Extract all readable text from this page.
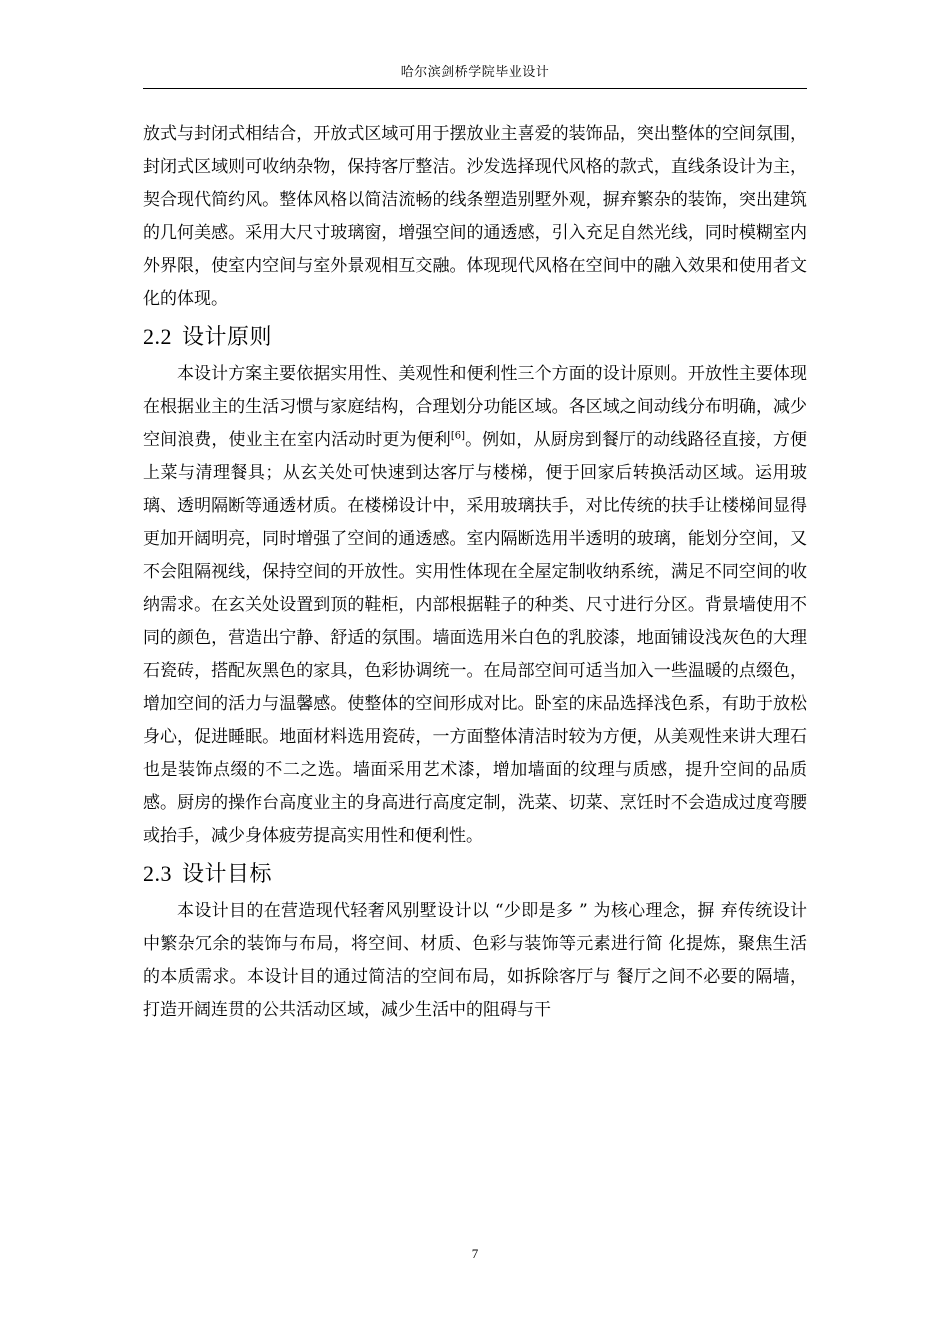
哈尔滨剑桥学院毕业设计

放式与封闭式相结合，开放式区域可用于摆放业主喜爱的装饰品，突出整体的空间氛围，封闭式区域则可收纳杂物，保持客厅整洁。沙发选择现代风格的款式，直线条设计为主，契合现代简约风。整体风格以简洁流畅的线条塑造别墅外观，摒弃繁杂的装饰，突出建筑的几何美感。采用大尺寸玻璃窗，增强空间的通透感，引入充足自然光线，同时模糊室内外界限，使室内空间与室外景观相互交融。体现现代风格在空间中的融入效果和使用者文化的体现。

2.2 设计原则

本设计方案主要依据实用性、美观性和便利性三个方面的设计原则。开放性主要体现在根据业主的生活习惯与家庭结构，合理划分功能区域。各区域之间动线分布明确，减少空间浪费，使业主在室内活动时更为便利[6]。例如，从厨房到餐厅的动线路径直接，方便上菜与清理餐具；从玄关处可快速到达客厅与楼梯，便于回家后转换活动区域。运用玻璃、透明隔断等通透材质。在楼梯设计中，采用玻璃扶手，对比传统的扶手让楼梯间显得更加开阔明亮，同时增强了空间的通透感。室内隔断选用半透明的玻璃，能划分空间，又不会阻隔视线，保持空间的开放性。实用性体现在全屋定制收纳系统，满足不同空间的收纳需求。在玄关处设置到顶的鞋柜，内部根据鞋子的种类、尺寸进行分区。背景墙使用不同的颜色，营造出宁静、舒适的氛围。墙面选用米白色的乳胶漆，地面铺设浅灰色的大理石瓷砖，搭配灰黑色的家具，色彩协调统一。在局部空间可适当加入一些温暖的点缀色，增加空间的活力与温馨感。使整体的空间形成对比。卧室的床品选择浅色系，有助于放松身心，促进睡眠。地面材料选用瓷砖，一方面整体清洁时较为方便，从美观性来讲大理石也是装饰点缀的不二之选。墙面采用艺术漆，增加墙面的纹理与质感，提升空间的品质感。厨房的操作台高度业主的身高进行高度定制，洗菜、切菜、烹饪时不会造成过度弯腰或抬手，减少身体疲劳提高实用性和便利性。

2.3 设计目标

本设计目的在营造现代轻奢风别墅设计以 “少即是多 ” 为核心理念，摒 弃传统设计中繁杂冗余的装饰与布局，将空间、材质、色彩与装饰等元素进行简 化提炼，聚焦生活的本质需求。本设计目的通过简洁的空间布局，如拆除客厅与 餐厅之间不必要的隔墙，打造开阔连贯的公共活动区域，减少生活中的阻碍与干

7
